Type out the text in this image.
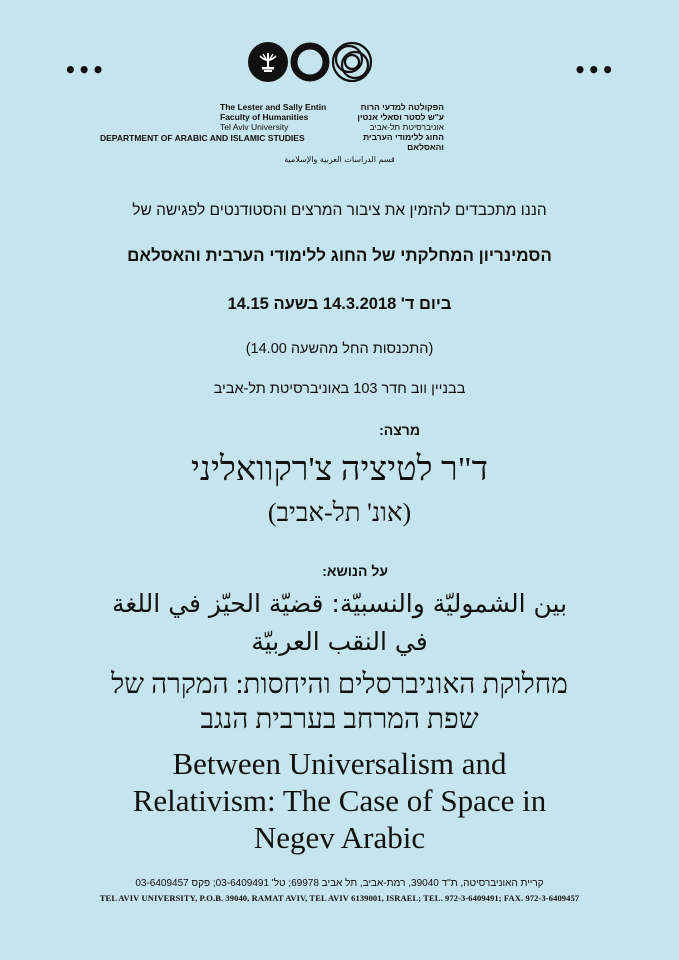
•••	•••
The Lester and Sally Entin
Faculty of Humanities
Tel Aviv University
הפקולטה למדעי הרוח
ע"ש לסטר וסאלי אנטין
אוניברסיטת תל-אביב
החוג ללימודי הערבית והאסלאם
DEPARTMENT OF ARABIC AND ISLAMIC STUDIES
قسم الدراسات العربية والإسلامية
הננו מתכבדים להזמין את ציבור המרצים והסטודנטים לפגישה של
הסמינריון המחלקתי של החוג ללימודי הערבית והאסלאם
ביום ד' 14.3.2018 בשעה 14.15
(התכנסות החל מהשעה 14.00)
בבניין ווב חדר 103 באוניברסיטת תל-אביב
מרצה:
ד"ר לטיציה צ'רקוואליני
(אונ' תל-אביב)
על הנושא:
بين الشموليّة والنسبيّة: قضيّة الحيّز في اللغة
في النقب العربيّة
מחלוקת האוניברסלים והיחסות: המקרה של
שפת המרחב בערבית הנגב
Between Universalism and
Relativism: The Case of Space in
Negev Arabic
קריית האוניברסיטה, ת"ד 39040, רמת-אביב, תל אביב 69978; טל' 03-6409491; פקס 03-6409457
TEL AVIV UNIVERSITY, P.O.B. 39040, RAMAT AVIV, TEL AVIV 6139001, ISRAEL; TEL. 972-3-6409491; FAX. 972-3-6409457
